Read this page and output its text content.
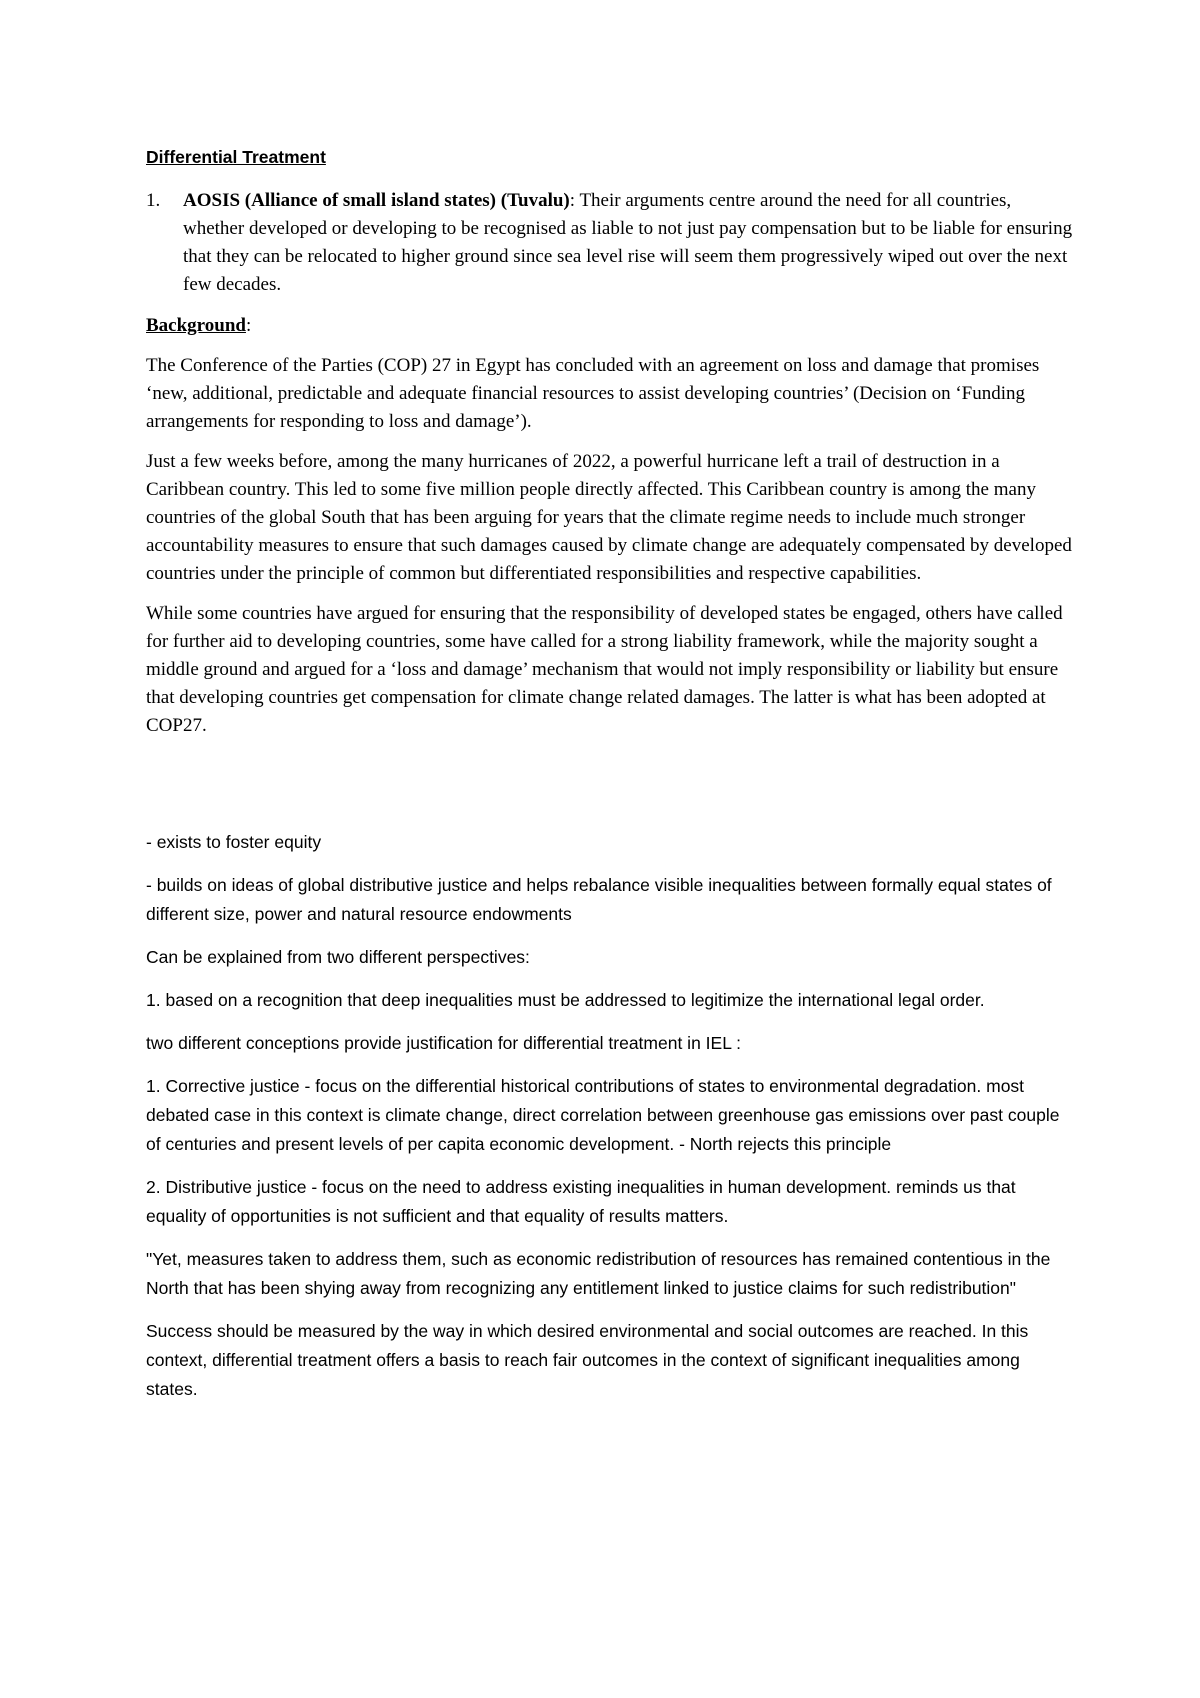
Differential Treatment
1.	AOSIS (Alliance of small island states) (Tuvalu): Their arguments centre around the need for all countries, whether developed or developing to be recognised as liable to not just pay compensation but to be liable for ensuring that they can be relocated to higher ground since sea level rise will seem them progressively wiped out over the next few decades.

Background:

The Conference of the Parties (COP) 27 in Egypt has concluded with an agreement on loss and damage that promises ‘new, additional, predictable and adequate financial resources to assist developing countries’ (Decision on ‘Funding arrangements for responding to loss and damage’).

Just a few weeks before, among the many hurricanes of 2022, a powerful hurricane left a trail of destruction in a Caribbean country. This led to some five million people directly affected. This Caribbean country is among the many countries of the global South that has been arguing for years that the climate regime needs to include much stronger accountability measures to ensure that such damages caused by climate change are adequately compensated by developed countries under the principle of common but differentiated responsibilities and respective capabilities.

While some countries have argued for ensuring that the responsibility of developed states be engaged, others have called for further aid to developing countries, some have called for a strong liability framework, while the majority sought a middle ground and argued for a ‘loss and damage’ mechanism that would not imply responsibility or liability but ensure that developing countries get compensation for climate change related damages. The latter is what has been adopted at COP27.

- exists to foster equity

- builds on ideas of global distributive justice and helps rebalance visible inequalities between formally equal states of different size, power and natural resource endowments

Can be explained from two different perspectives:

1. based on a recognition that deep inequalities must be addressed to legitimize the international legal order.

two different conceptions provide justification for differential treatment in IEL :

1. Corrective justice - focus on the differential historical contributions of states to environmental degradation. most debated case in this context is climate change, direct correlation between greenhouse gas emissions over past couple of centuries and present levels of per capita economic development. - North rejects this principle

2. Distributive justice - focus on the need to address existing inequalities in human development. reminds us that equality of opportunities is not sufficient and that equality of results matters.

"Yet, measures taken to address them, such as economic redistribution of resources has remained contentious in the North that has been shying away from recognizing any entitlement linked to justice claims for such redistribution"

Success should be measured by the way in which desired environmental and social outcomes are reached. In this context, differential treatment offers a basis to reach fair outcomes in the context of significant inequalities among states.
